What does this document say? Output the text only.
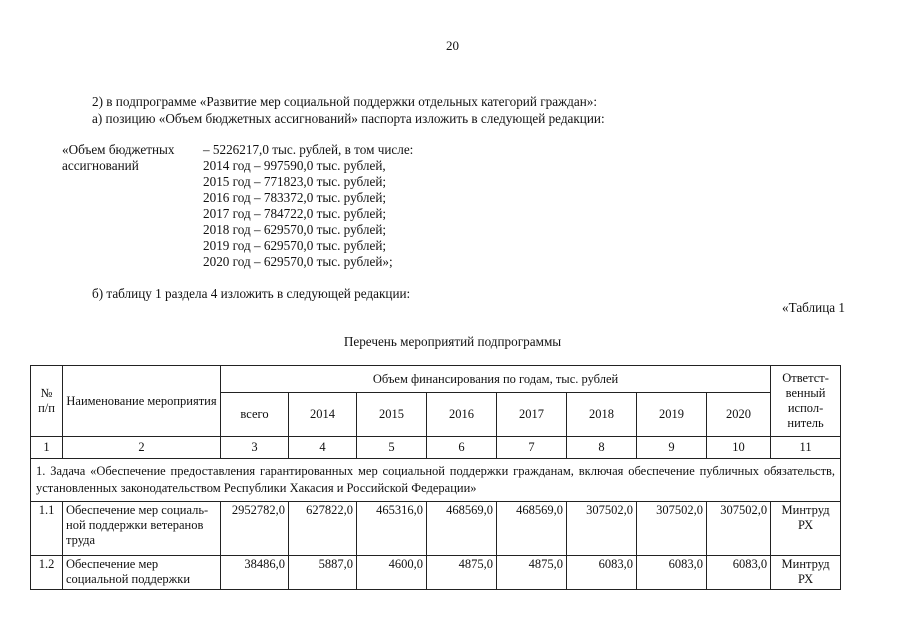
20
2) в подпрограмме «Развитие мер социальной поддержки отдельных категорий граждан»:
а) позицию «Объем бюджетных ассигнований» паспорта изложить в следующей редакции:
«Объем бюджетных
ассигнований
– 5226217,0 тыс. рублей, в том числе:
2014 год – 997590,0 тыс. рублей,
2015 год – 771823,0 тыс. рублей;
2016 год – 783372,0 тыс. рублей;
2017 год – 784722,0 тыс. рублей;
2018 год – 629570,0 тыс. рублей;
2019 год – 629570,0 тыс. рублей;
2020 год – 629570,0 тыс. рублей»;
б) таблицу 1 раздела 4 изложить в следующей редакции:
«Таблица 1
Перечень мероприятий подпрограммы
№ п/п	Наименование мероприятия	Объем финансирования по годам, тыс. рублей								Ответст-венный испол-нитель
		всего	2014	2015	2016	2017	2018	2019	2020	
1	2	3	4	5	6	7	8	9	10	11
1. Задача «Обеспечение предоставления гарантированных мер социальной поддержки гражданам, включая обеспечение публичных обязательств, установленных законодательством Республики Хакасия и Российской Федерации»										
1.1	Обеспечение мер социаль-ной поддержки ветеранов труда	2952782,0	627822,0	465316,0	468569,0	468569,0	307502,0	307502,0	307502,0	Минтруд РХ
1.2	Обеспечение мер социальной поддержки	38486,0	5887,0	4600,0	4875,0	4875,0	6083,0	6083,0	6083,0	Минтруд РХ
